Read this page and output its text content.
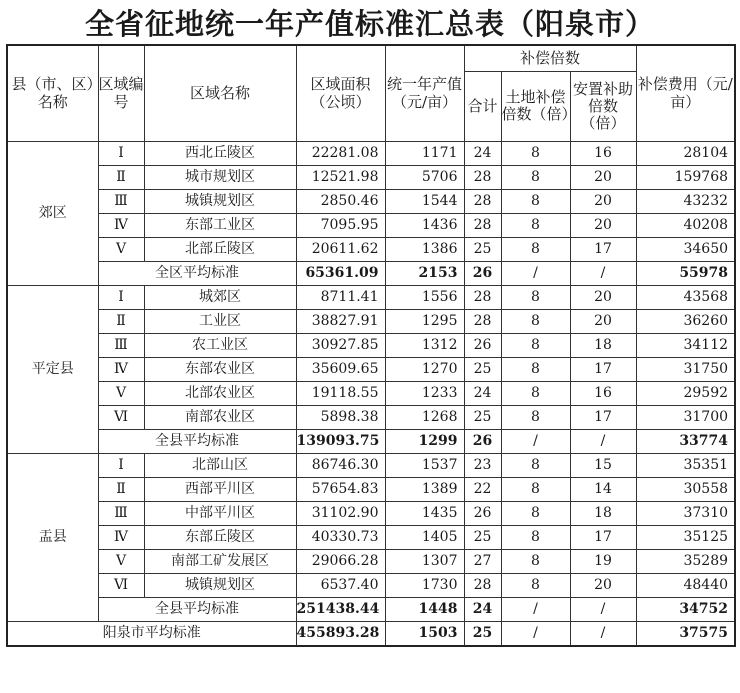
全省征地统一年产值标准汇总表（阳泉市）
县（市、区）名称	区域编号	区域名称	区域面积（公顷）	统一年产值（元/亩）	补偿倍数			补偿费用（元/亩）
					合计	土地补偿倍数（倍）	安置补助倍数（倍）	
郊区	Ⅰ	西北丘陵区	22281.08	1171	24	8	16	28104
	Ⅱ	城市规划区	12521.98	5706	28	8	20	159768
	Ⅲ	城镇规划区	2850.46	1544	28	8	20	43232
	Ⅳ	东部工业区	7095.95	1436	28	8	20	40208
	Ⅴ	北部丘陵区	20611.62	1386	25	8	17	34650
	全区平均标准		65361.09	2153	26	/	/	55978
平定县	Ⅰ	城郊区	8711.41	1556	28	8	20	43568
	Ⅱ	工业区	38827.91	1295	28	8	20	36260
	Ⅲ	农工业区	30927.85	1312	26	8	18	34112
	Ⅳ	东部农业区	35609.65	1270	25	8	17	31750
	Ⅴ	北部农业区	19118.55	1233	24	8	16	29592
	Ⅵ	南部农业区	5898.38	1268	25	8	17	31700
	全县平均标准		139093.75	1299	26	/	/	33774
盂县	Ⅰ	北部山区	86746.30	1537	23	8	15	35351
	Ⅱ	西部平川区	57654.83	1389	22	8	14	30558
	Ⅲ	中部平川区	31102.90	1435	26	8	18	37310
	Ⅳ	东部丘陵区	40330.73	1405	25	8	17	35125
	Ⅴ	南部工矿发展区	29066.28	1307	27	8	19	35289
	Ⅵ	城镇规划区	6537.40	1730	28	8	20	48440
	全县平均标准		251438.44	1448	24	/	/	34752
阳泉市平均标准			455893.28	1503	25	/	/	37575
